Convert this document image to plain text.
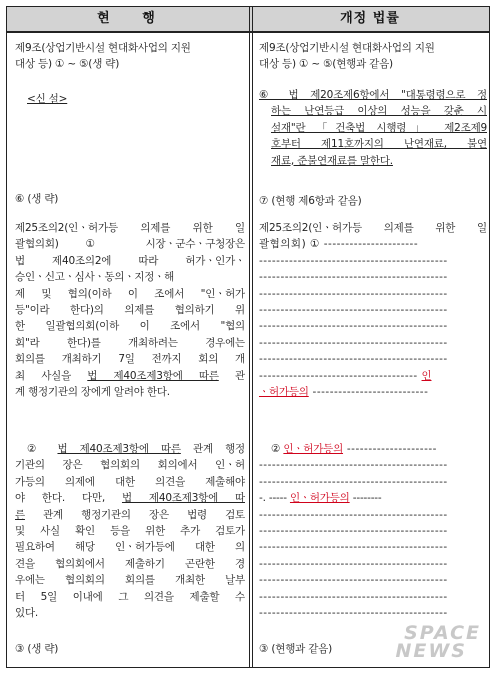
현 행	개정 법률

제9조(상업기반시설 현대화사업의 지원

대상 등) ① ~ ⑤(생 략)

<신 설>

⑥ (생 략)

제25조의2(인ㆍ허가등 의제를 위한 일

괄협의회) ① 시장ㆍ군수ㆍ구청장은

법 제40조의2에 따라 허가ㆍ인가ㆍ

승인ㆍ신고ㆍ심사ㆍ동의ㆍ지정ㆍ해

제 및 협의(이하 이 조에서 "인ㆍ허가

등"이라 한다)의 의제를 협의하기 위

한 일괄협의회(이하 이 조에서 "협의

회"라 한다)를 개최하려는 경우에는

회의를 개최하기 7일 전까지 회의 개

최 사실을 법 제40조제3항에 따른 관

계 행정기관의 장에게 알려야 한다.

② 법 제40조제3항에 따른 관계 행정

기관의 장은 협의회의 회의에서 인ㆍ허

가등의 의제에 대한 의견을 제출해야

야 한다. 다만, 법 제40조제3항에 따

른 관계 행정기관의 장은 법령 검토

및 사실 확인 등을 위한 추가 검토가

필요하여 해당 인ㆍ허가등에 대한 의

견을 협의회에서 제출하기 곤란한 경

우에는 협의회의 회의를 개최한 날부

터 5일 이내에 그 의견을 제출할 수

있다.

③ (생 략)

제9조(상업기반시설 현대화사업의 지원

대상 등) ① ~ ⑤(현행과 같음)

⑥ 법 제20조제6항에서 "대통령령으로 정

하는 난연등급 이상의 성능을 갖춘 시

설재"란 「건축법 시행령」 제2조제9

호부터 제11호까지의 난연재료, 불연

재료, 준불연재료를 말한다.

⑦ (현행 제6항과 같음)

제25조의2(인ㆍ허가등 의제를 위한 일

괄협의회) ① ----------------------

--------------------------------------------

--------------------------------------------

--------------------------------------------

--------------------------------------------

--------------------------------------------

--------------------------------------------

--------------------------------------------

------------------------------------- 인

ㆍ허가등의 ---------------------------

② 인ㆍ허가등의 ---------------------

--------------------------------------------

--------------------------------------------

-. ----- 인ㆍ허가등의 --------

--------------------------------------------

--------------------------------------------

--------------------------------------------

--------------------------------------------

--------------------------------------------

--------------------------------------------

--------------------------------------------

③ (현행과 같음)

SPACE
NEWS
